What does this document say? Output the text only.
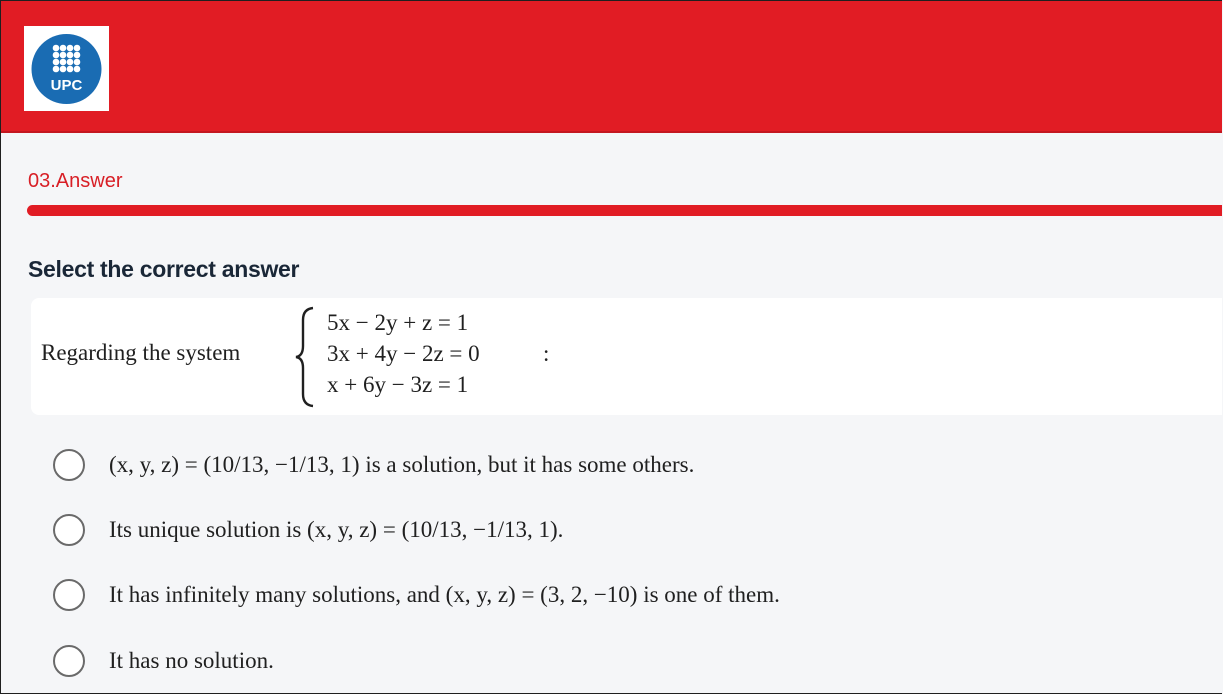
UPC
03.Answer
Select the correct answer
Regarding the system
5x − 2y + z = 1
3x + 4y − 2z = 0
x + 6y − 3z = 1
:
(x, y, z) = (10/13, −1/13, 1) is a solution, but it has some others.
Its unique solution is (x, y, z) = (10/13, −1/13, 1).
It has infinitely many solutions, and (x, y, z) = (3, 2, −10) is one of them.
It has no solution.
